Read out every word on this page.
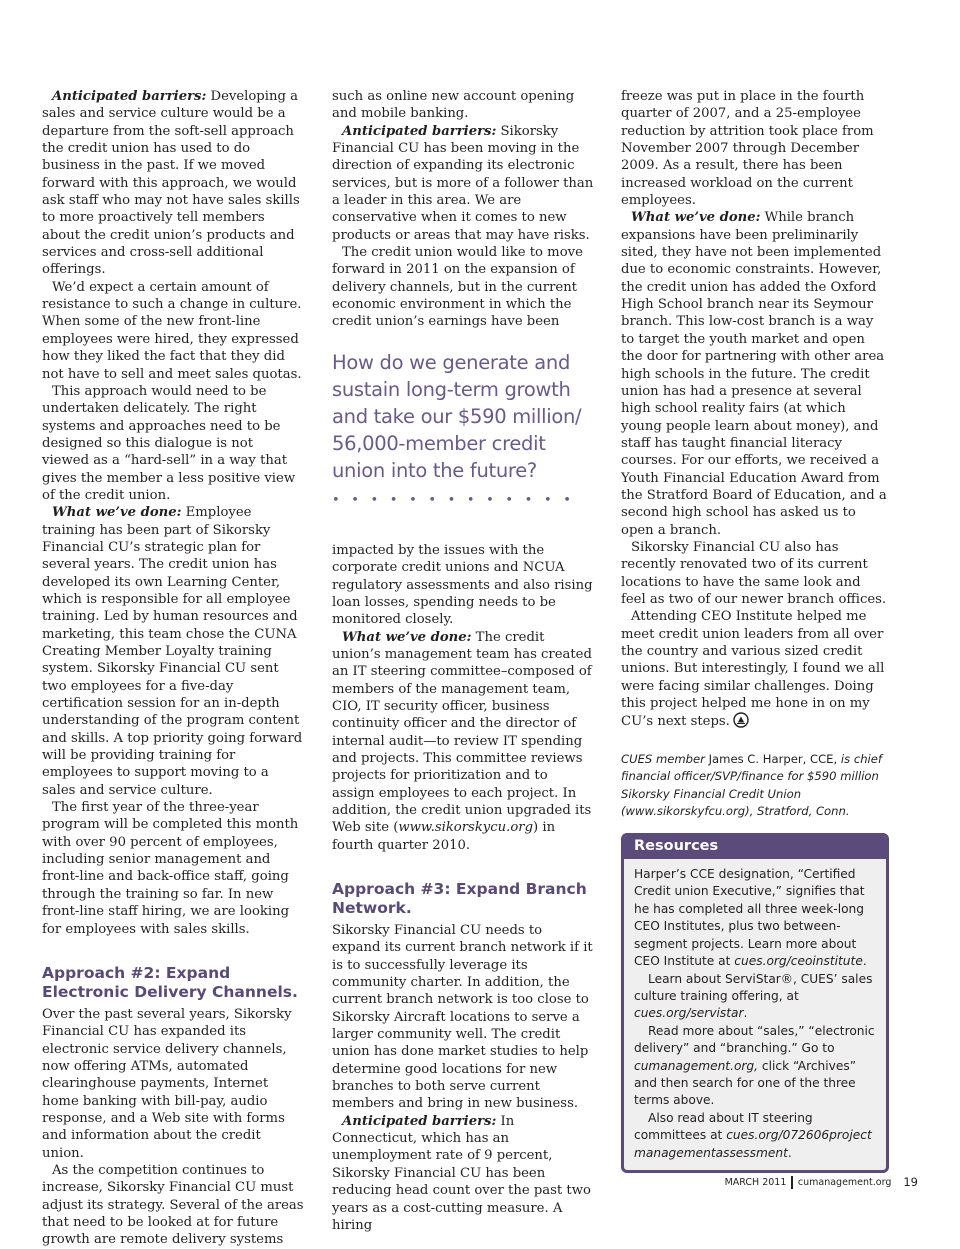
Anticipated barriers: Developing a sales and service culture would be a departure from the soft-sell approach the credit union has used to do business in the past. If we moved forward with this approach, we would ask staff who may not have sales skills to more proactively tell members about the credit union’s products and services and cross-sell additional offerings.

We’d expect a certain amount of resistance to such a change in culture. When some of the new front-line employees were hired, they expressed how they liked the fact that they did not have to sell and meet sales quotas.

This approach would need to be undertaken delicately. The right systems and approaches need to be designed so this dialogue is not viewed as a “hard-sell” in a way that gives the member a less positive view of the credit union.

What we’ve done: Employee training has been part of Sikorsky Financial CU’s strategic plan for several years. The credit union has developed its own Learning Center, which is responsible for all employee training. Led by human resources and marketing, this team chose the CUNA Creating Member Loyalty training system. Sikorsky Financial CU sent two employees for a five-day certification session for an in-depth understanding of the program content and skills. A top priority going forward will be providing training for employees to support moving to a sales and service culture.

The first year of the three-year program will be completed this month with over 90 percent of employees, including senior management and front-line and back-office staff, going through the training so far. In new front-line staff hiring, we are looking for employees with sales skills.

Approach #2: Expand Electronic Delivery Channels.

Over the past several years, Sikorsky Financial CU has expanded its electronic service delivery channels, now offering ATMs, automated clearinghouse payments, Internet home banking with bill-pay, audio response, and a Web site with forms and information about the credit union.

As the competition continues to increase, Sikorsky Financial CU must adjust its strategy. Several of the areas that need to be looked at for future growth are remote delivery systems

such as online new account opening and mobile banking.

Anticipated barriers: Sikorsky Financial CU has been moving in the direction of expanding its electronic services, but is more of a follower than a leader in this area. We are conservative when it comes to new products or areas that may have risks.

The credit union would like to move forward in 2011 on the expansion of delivery channels, but in the current economic environment in which the credit union’s earnings have been

How do we generate and sustain long-term growth and take our $590 million/ 56,000-member credit union into the future?
•••••••••••••

impacted by the issues with the corporate credit unions and NCUA regulatory assessments and also rising loan losses, spending needs to be monitored closely.

What we’ve done: The credit union’s management team has created an IT steering committee–composed of members of the management team, CIO, IT security officer, business continuity officer and the director of internal audit—to review IT spending and projects. This committee reviews projects for prioritization and to assign employees to each project. In addition, the credit union upgraded its Web site (www.sikorskycu.org) in fourth quarter 2010.

Approach #3: Expand Branch Network.

Sikorsky Financial CU needs to expand its current branch network if it is to successfully leverage its community charter. In addition, the current branch network is too close to Sikorsky Aircraft locations to serve a larger community well. The credit union has done market studies to help determine good locations for new branches to both serve current members and bring in new business.

Anticipated barriers: In Connecticut, which has an unemployment rate of 9 percent, Sikorsky Financial CU has been reducing head count over the past two years as a cost-cutting measure. A hiring

freeze was put in place in the fourth quarter of 2007, and a 25-employee reduction by attrition took place from November 2007 through December 2009. As a result, there has been increased workload on the current employees.

What we’ve done: While branch expansions have been preliminarily sited, they have not been implemented due to economic constraints. However, the credit union has added the Oxford High School branch near its Seymour branch. This low-cost branch is a way to target the youth market and open the door for partnering with other area high schools in the future. The credit union has had a presence at several high school reality fairs (at which young people learn about money), and staff has taught financial literacy courses. For our efforts, we received a Youth Financial Education Award from the Stratford Board of Education, and a second high school has asked us to open a branch.

Sikorsky Financial CU also has recently renovated two of its current locations to have the same look and feel as two of our newer branch offices.

Attending CEO Institute helped me meet credit union leaders from all over the country and various sized credit unions. But interestingly, I found we all were facing similar challenges. Doing this project helped me hone in on my CU’s next steps.

CUES member James C. Harper, CCE, is chief financial officer/SVP/finance for $590 million Sikorsky Financial Credit Union (www.sikorskyfcu.org), Stratford, Conn.

Resources

Harper’s CCE designation, “Certified Credit union Executive,” signifies that he has completed all three week-long CEO Institutes, plus two between-segment projects. Learn more about CEO Institute at cues.org/ceoinstitute.

Learn about ServiStar®, CUES’ sales culture training offering, at cues.org/servistar.

Read more about “sales,” “electronic delivery” and “branching.” Go to cumanagement.org, click “Archives” and then search for one of the three terms above.

Also read about IT steering committees at cues.org/072606project managementassessment.

MARCH 2011 cumanagement.org 19
